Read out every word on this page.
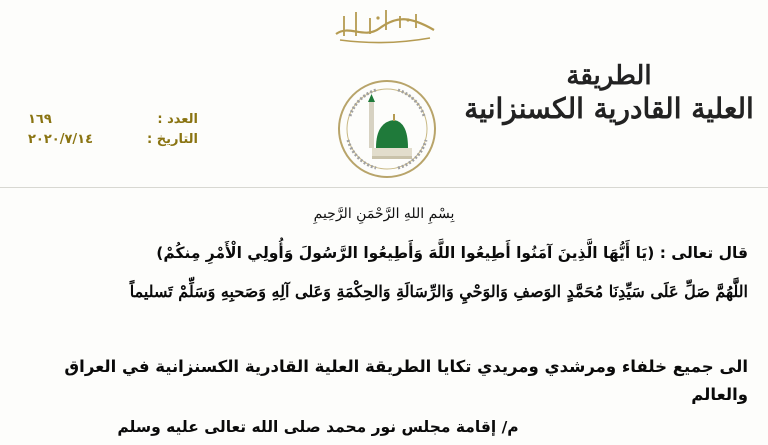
الطريقة
العلية القادرية الكسنزانية
العدد :
١٦٩
التاريخ :
٢٠٢٠/٧/١٤
بِسْمِ اللهِ الرَّحْمَنِ الرَّحِيمِ
قال تعالى : (يَا أَيُّهَا الَّذِينَ آمَنُوا أَطِيعُوا اللَّهَ وَأَطِيعُوا الرَّسُولَ وَأُولِي الْأَمْرِ مِنكُمْ)
اللَّهُمَّ صَلِّ عَلَى سَيِّدِنَا مُحَمَّدٍ الوَصفِ وَالوَحْيِ وَالرِّسَالَةِ وَالحِكْمَةِ وَعَلى آلِهِ وَصَحبِهِ وَسَلِّمْ تَسليماً
الى جميع خلفاء ومرشدي ومريدي تكايا الطريقة العلية القادرية الكسنزانية في العراق والعالم
م/ إقامة مجلس نور محمد صلى الله تعالى عليه وسلم
